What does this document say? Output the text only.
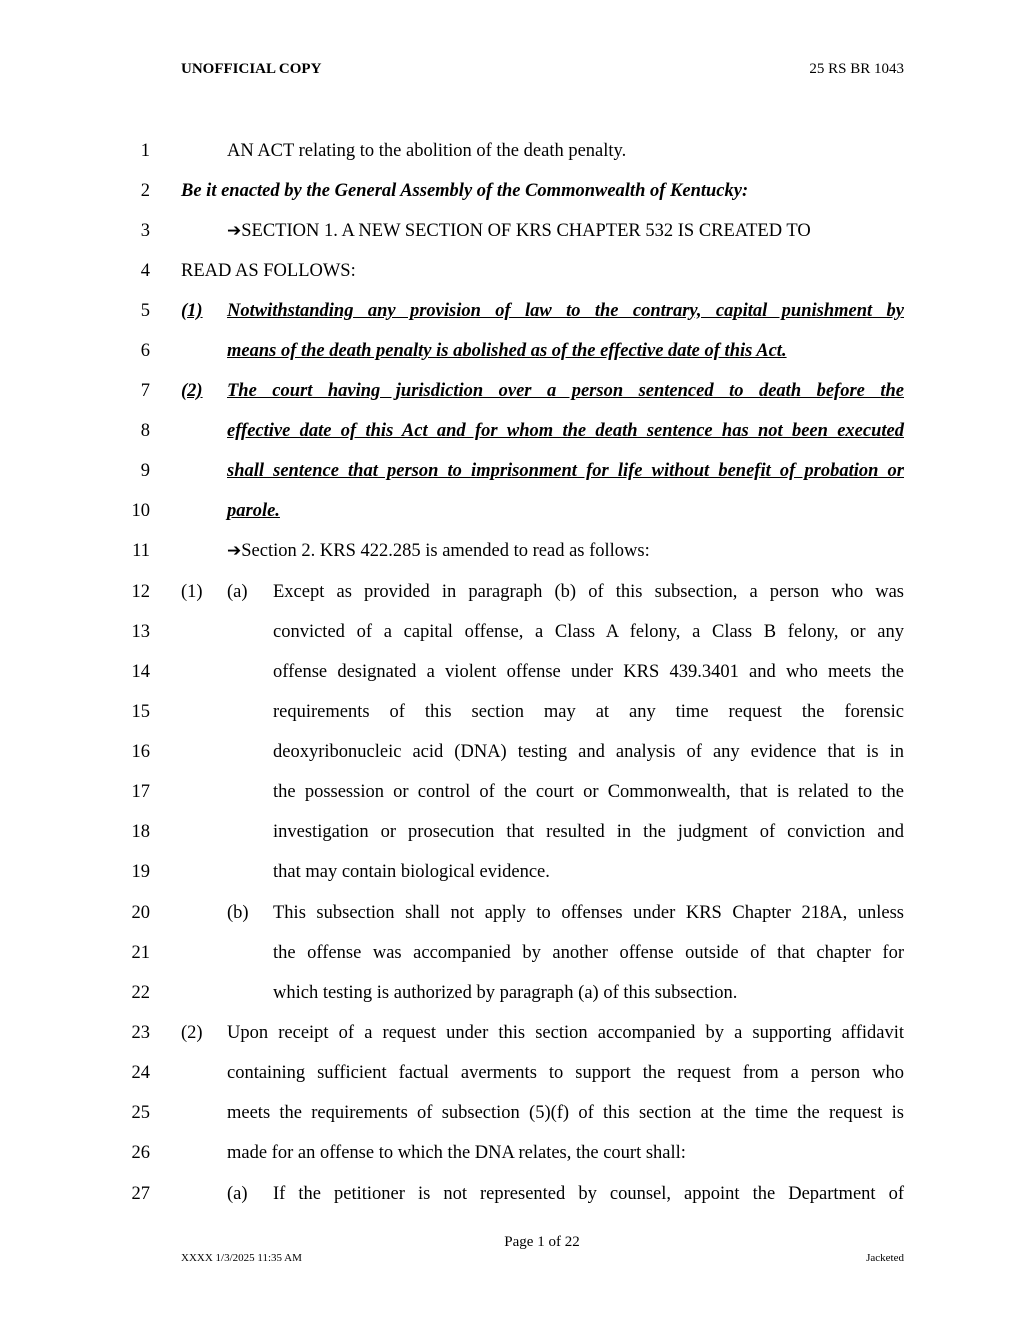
UNOFFICIAL COPY	25 RS BR 1043
1	AN ACT relating to the abolition of the death penalty.
2 Be it enacted by the General Assembly of the Commonwealth of Kentucky:
3	➔SECTION 1. A NEW SECTION OF KRS CHAPTER 532 IS CREATED TO
4 READ AS FOLLOWS:
5 (1) Notwithstanding any provision of law to the contrary, capital punishment by
6	means of the death penalty is abolished as of the effective date of this Act.
7 (2) The court having jurisdiction over a person sentenced to death before the
8	effective date of this Act and for whom the death sentence has not been executed
9	shall sentence that person to imprisonment for life without benefit of probation or
10	parole.
11	➔Section 2. KRS 422.285 is amended to read as follows:
12 (1) (a) Except as provided in paragraph (b) of this subsection, a person who was
13	convicted of a capital offense, a Class A felony, a Class B felony, or any
14	offense designated a violent offense under KRS 439.3401 and who meets the
15	requirements of this section may at any time request the forensic
16	deoxyribonucleic acid (DNA) testing and analysis of any evidence that is in
17	the possession or control of the court or Commonwealth, that is related to the
18	investigation or prosecution that resulted in the judgment of conviction and
19	that may contain biological evidence.
20	(b) This subsection shall not apply to offenses under KRS Chapter 218A, unless
21	the offense was accompanied by another offense outside of that chapter for
22	which testing is authorized by paragraph (a) of this subsection.
23 (2) Upon receipt of a request under this section accompanied by a supporting affidavit
24	containing sufficient factual averments to support the request from a person who
25	meets the requirements of subsection (5)(f) of this section at the time the request is
26	made for an offense to which the DNA relates, the court shall:
27	(a) If the petitioner is not represented by counsel, appoint the Department of
Page 1 of 22
XXXX 1/3/2025 11:35 AM	Jacketed
